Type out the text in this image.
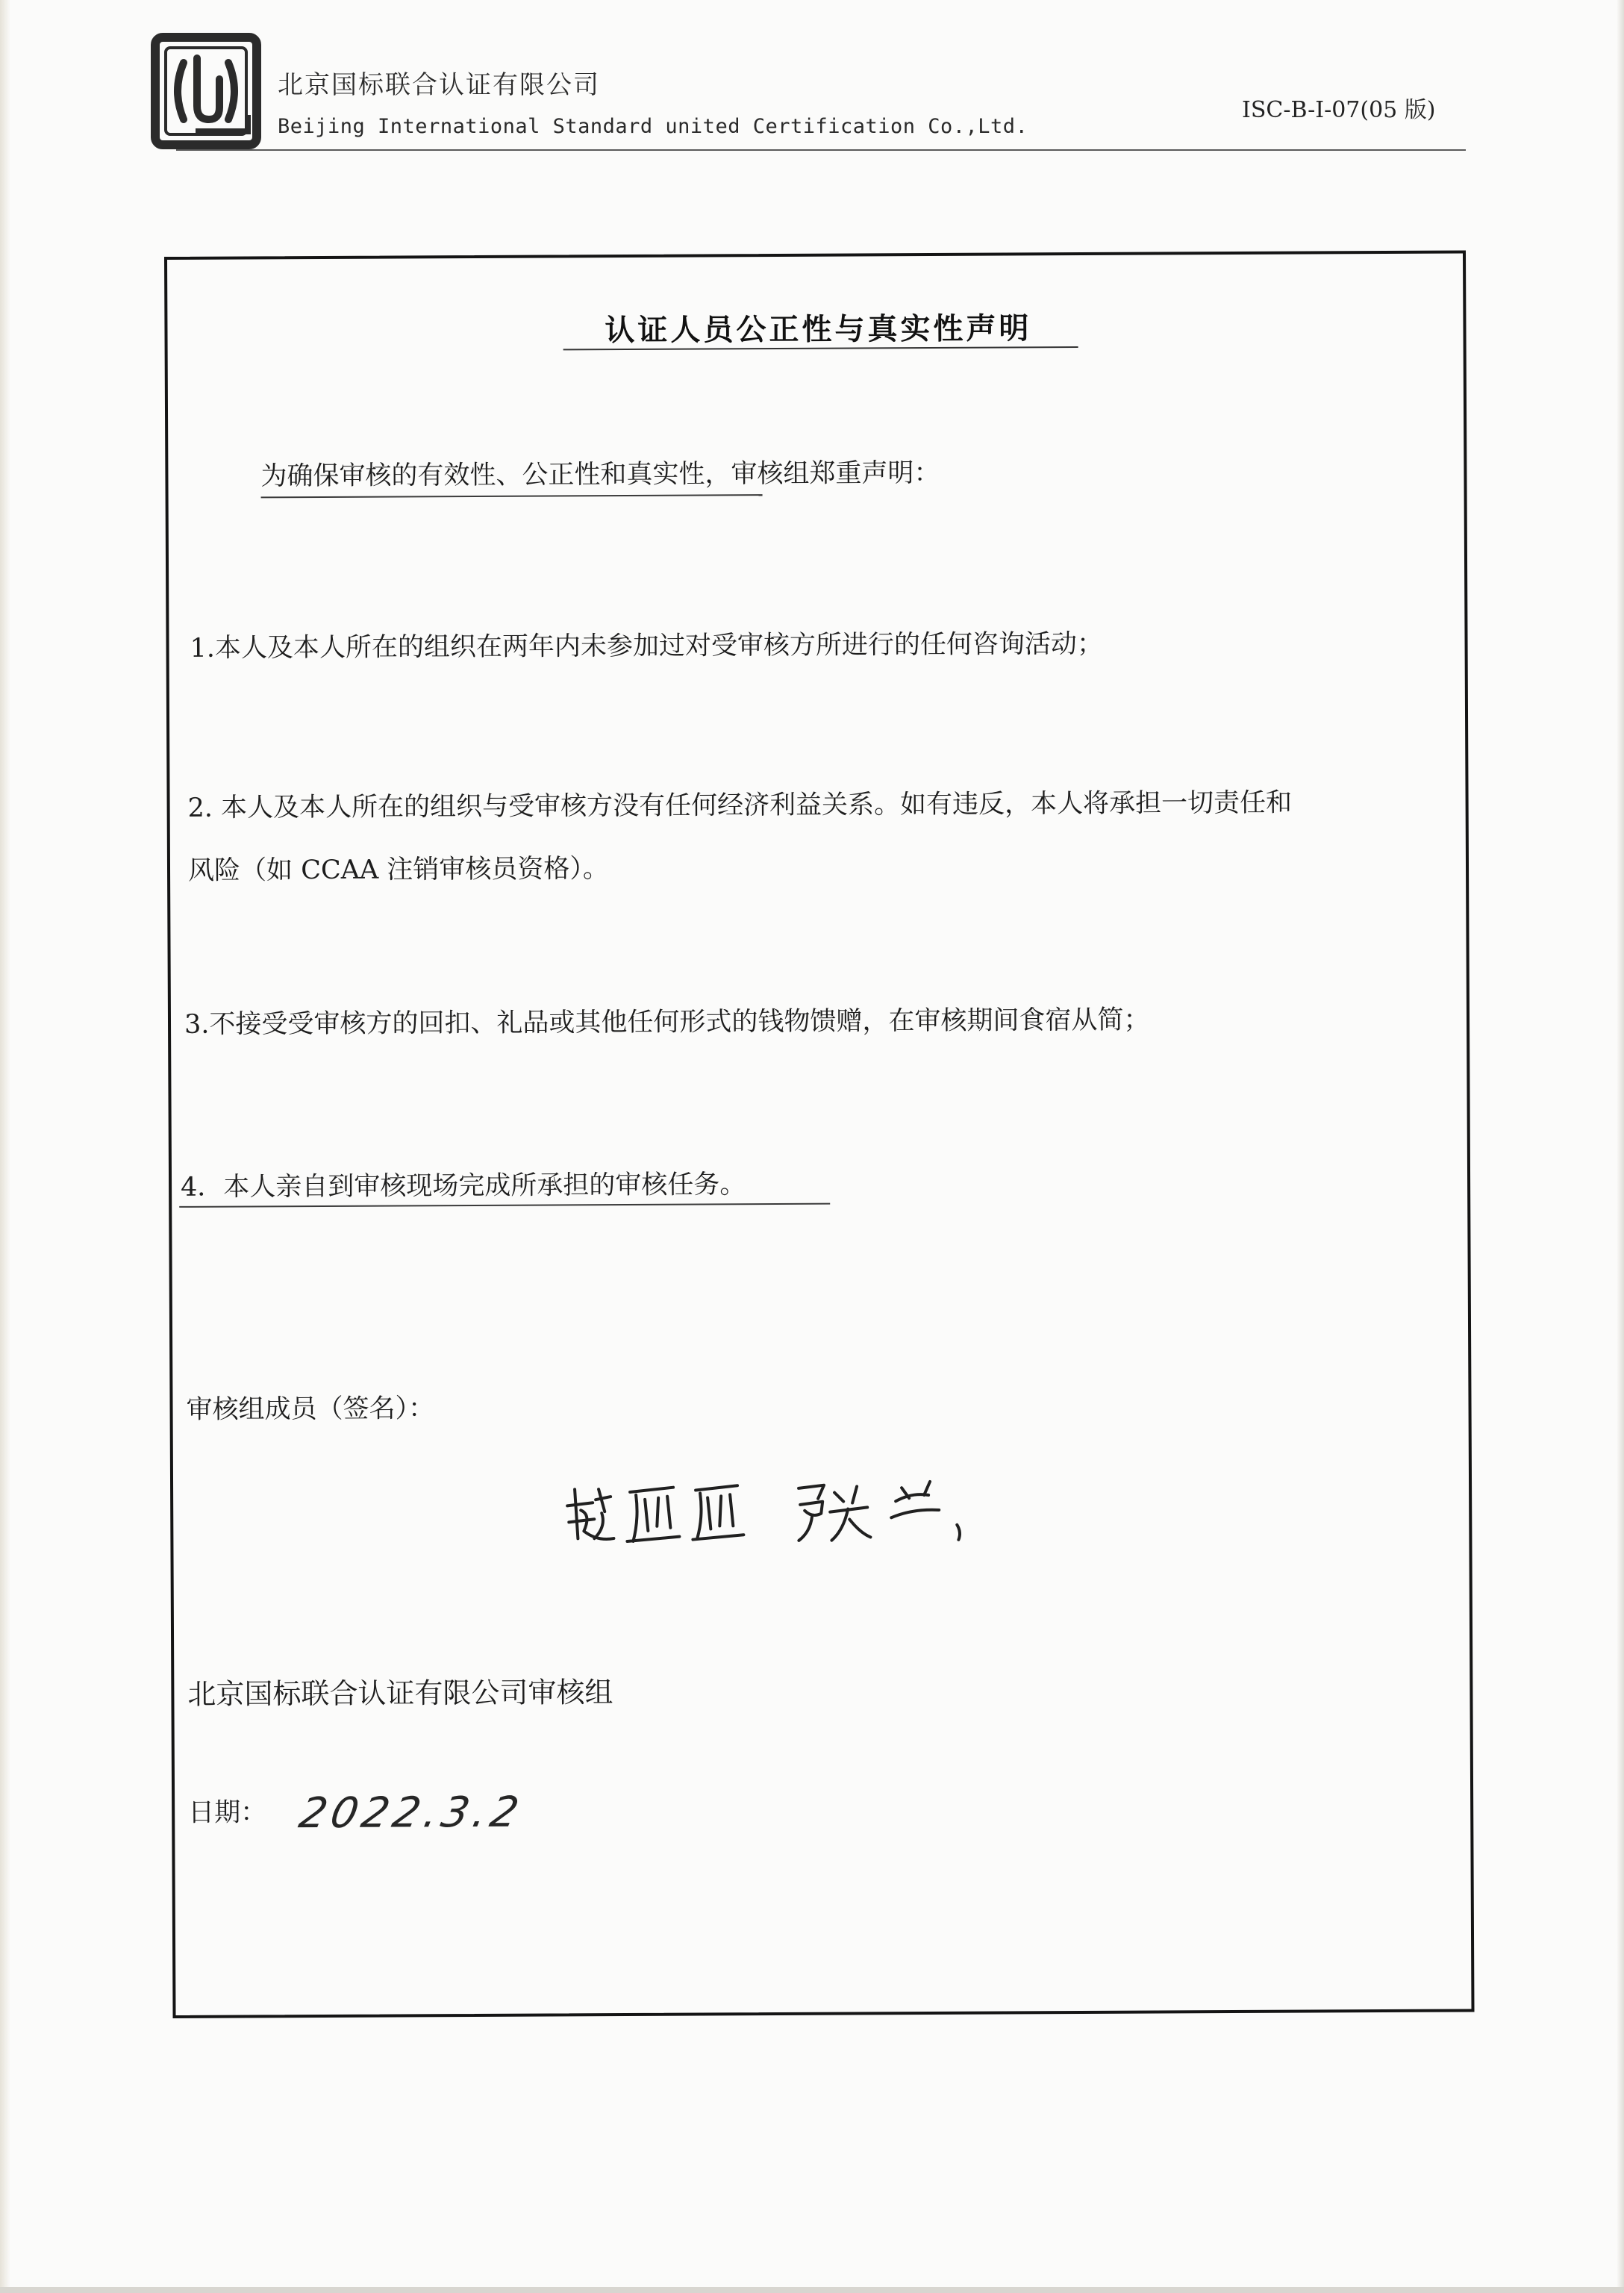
北京国标联合认证有限公司
Beijing International Standard united Certification Co.,Ltd.
ISC-B-I-07(05 版)
认证人员公正性与真实性声明
为确保审核的有效性、公正性和真实性，审核组郑重声明：
1.本人及本人所在的组织在两年内未参加过对受审核方所进行的任何咨询活动；
2. 本人及本人所在的组织与受审核方没有任何经济利益关系。如有违反，本人将承担一切责任和
风险（如 CCAA 注销审核员资格）。
3.不接受受审核方的回扣、礼品或其他任何形式的钱物馈赠，在审核期间食宿从简；
4．本人亲自到审核现场完成所承担的审核任务。
审核组成员（签名）：
北京国标联合认证有限公司审核组
日期： 2022.3.2
